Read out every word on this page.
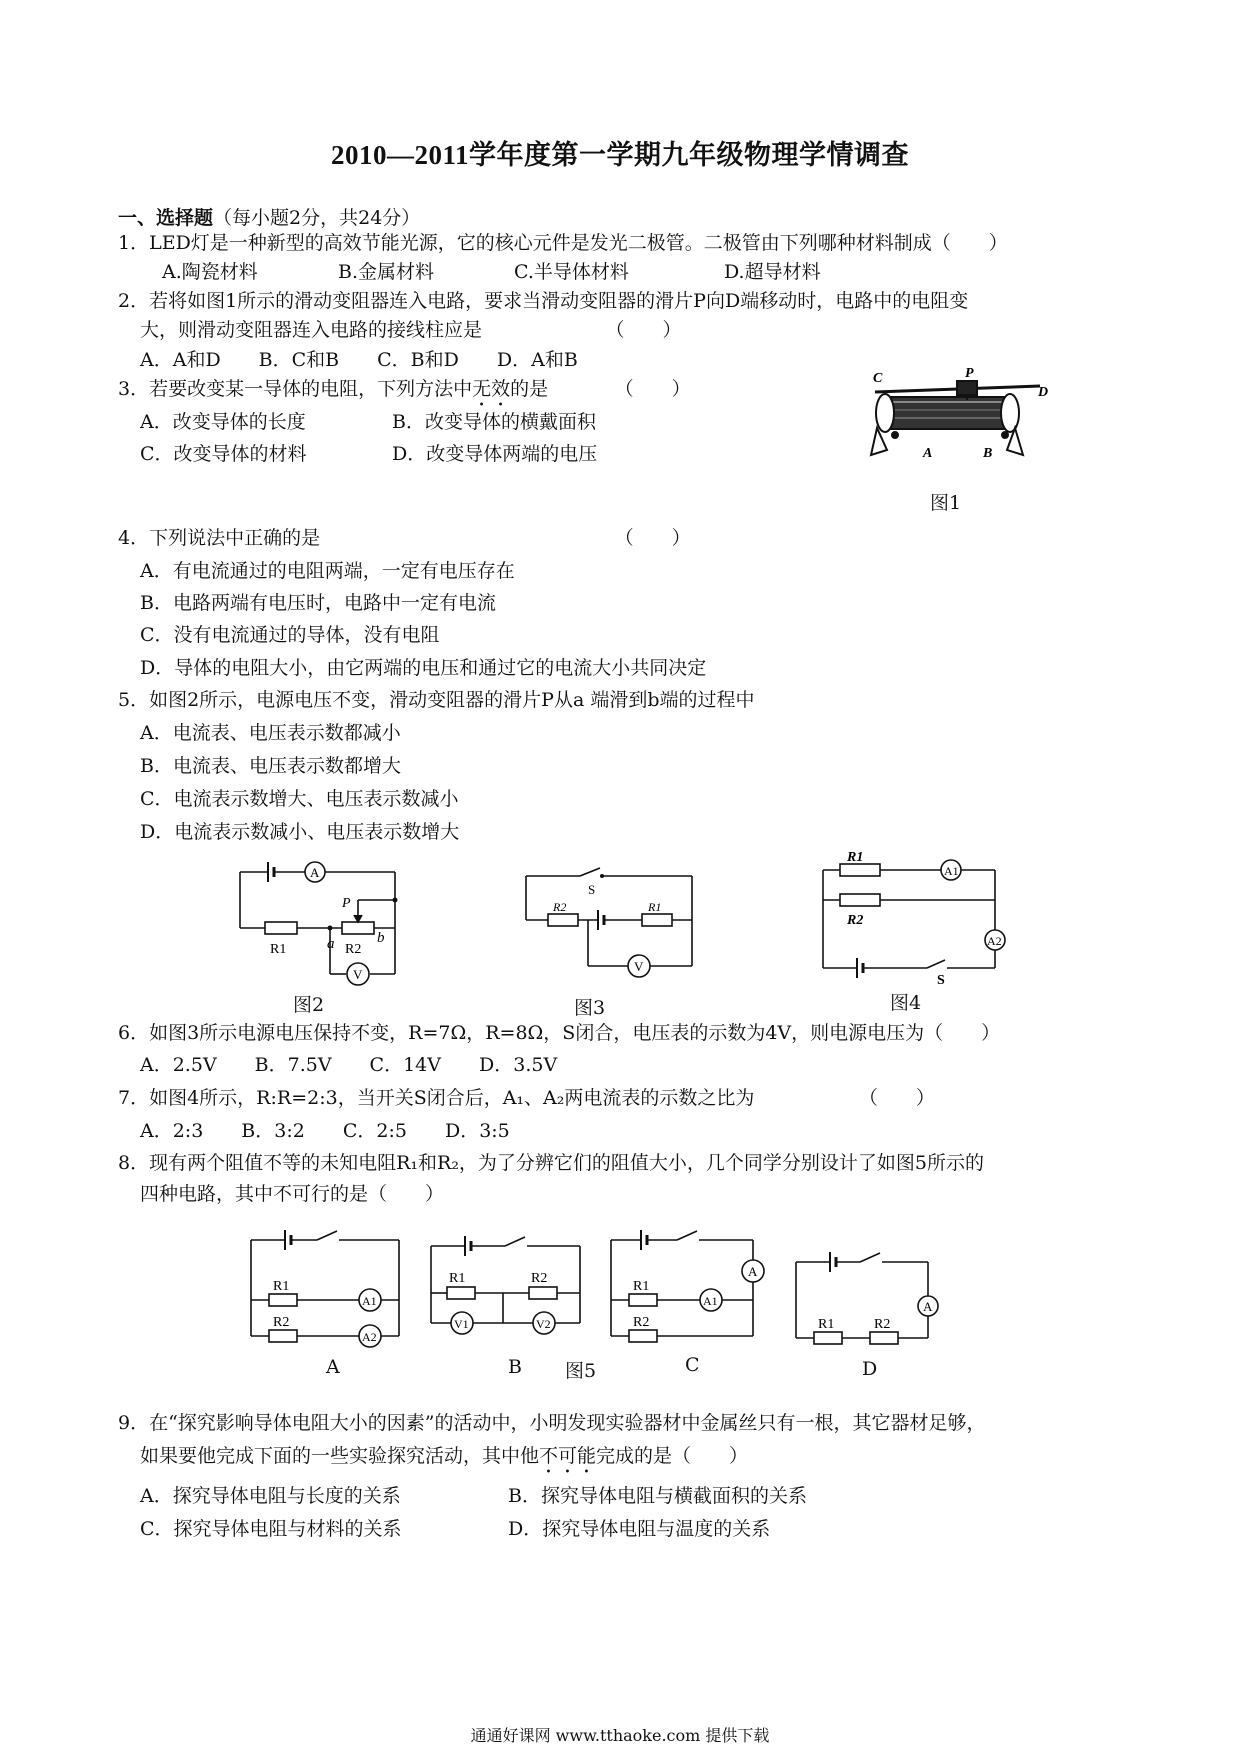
2010—2011学年度第一学期九年级物理学情调查
一、选择题（每小题2分，共24分）
1．LED灯是一种新型的高效节能光源，它的核心元件是发光二极管。二极管由下列哪种材料制成（　　）
A.陶瓷材料	B.金属材料	C.半导体材料	D.超导材料
2．若将如图1所示的滑动变阻器连入电路，要求当滑动变阻器的滑片P向D端移动时，电路中的电阻变
大，则滑动变阻器连入电路的接线柱应是　　　　　　　（　　）
A．A和D　　B．C和B　　C．B和D　　D．A和B
3．若要改变某一导体的电阻，下列方法中无效的是　　　　（　　）
A．改变导体的长度	B．改变导体的横戴面积
C．改变导体的材料	D．改变导体两端的电压
C	P
D
A	B
图1
4．下列说法中正确的是　　　　　　　　　　　　　　　　（　　）
A．有电流通过的电阻两端，一定有电压存在
B．电路两端有电压时，电路中一定有电流
C．没有电流通过的导体，没有电阻
D．导体的电阻大小，由它两端的电压和通过它的电流大小共同决定
5．如图2所示，电源电压不变，滑动变阻器的滑片P从a 端滑到b端的过程中
A．电流表、电压表示数都减小
B．电流表、电压表示数都增大
C．电流表示数增大、电压表示数减小
D．电流表示数减小、电压表示数增大
A
V
R1	R2
P
a	b
图2
S
R2	R1
V
图3
R1
R2
A1
A2
S
图4
6．如图3所示电源电压保持不变，R=7Ω，R=8Ω，S闭合，电压表的示数为4V，则电源电压为（　　）
A．2.5V　　B．7.5V　　C．14V　　D．3.5V
7．如图4所示，R:R=2:3，当开关S闭合后，A₁、A₂两电流表的示数之比为　　　　　　（　　）
A．2:3　　B．3:2　　C．2:5　　D．3:5
8．现有两个阻值不等的未知电阻R₁和R₂，为了分辨它们的阻值大小，几个同学分别设计了如图5所示的
四种电路，其中不可行的是（　　）
R1
R2
A1
A2
A
R1	R2
V1	V2
B 图5
R1
R2
A
A1
C
R1	R2
A
D
9．在“探究影响导体电阻大小的因素”的活动中，小明发现实验器材中金属丝只有一根，其它器材足够，
如果要他完成下面的一些实验探究活动，其中他不可能完成的是（　　）
A．探究导体电阻与长度的关系	B．探究导体电阻与横截面积的关系
C．探究导体电阻与材料的关系	D．探究导体电阻与温度的关系
通通好课网 www.tthaoke.com 提供下载
